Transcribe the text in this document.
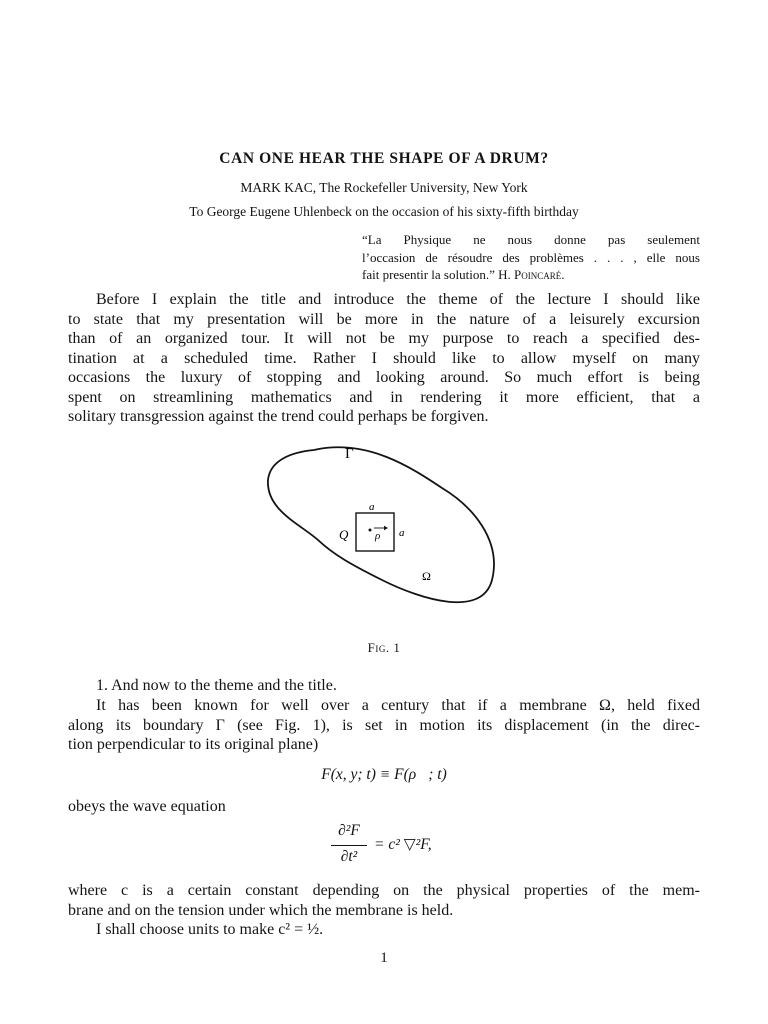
CAN ONE HEAR THE SHAPE OF A DRUM?
MARK KAC, The Rockefeller University, New York
To George Eugene Uhlenbeck on the occasion of his sixty-fifth birthday
“La Physique ne nous donne pas seulement
l’occasion de résoudre des problèmes . . . , elle nous
fait presentir la solution.” H. Poincaré.
Before I explain the title and introduce the theme of the lecture I should like
to state that my presentation will be more in the nature of a leisurely excursion
than of an organized tour. It will not be my purpose to reach a specified des-
tination at a scheduled time. Rather I should like to allow myself on many
occasions the luxury of stopping and looking around. So much effort is being
spent on streamlining mathematics and in rendering it more efficient, that a
solitary transgression against the trend could perhaps be forgiven.
Γ
a
a
Q ρ
Ω
Fig. 1
1. And now to the theme and the title.
It has been known for well over a century that if a membrane Ω, held fixed
along its boundary Γ (see Fig. 1), is set in motion its displacement (in the direc-
tion perpendicular to its original plane)
F(x, y; t) ≡ F(ρ⃗; t)
obeys the wave equation
∂²F
∂t²
= c² ▽²F,
where c is a certain constant depending on the physical properties of the mem-
brane and on the tension under which the membrane is held.
I shall choose units to make c² = ½.
1
